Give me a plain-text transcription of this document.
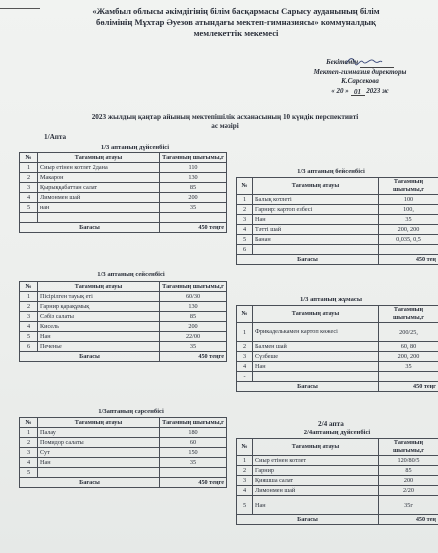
«Жамбыл облысы әкімдігінің білім басқармасы Сарысу ауданының білім
бөлімінің Мұхтар Әуезов атындағы мектеп-гимназиясы» коммуналдық
мемлекеттік мекемесі
Бекітемін
Мектеп-гимназия директоры
К.Сарсекова
« 20 » 01 2023 ж
2023 жылдың қаңтар айының мектепішілік асханасының 10 күндік перспективті
ас мәзірі
1/Апта
2/4 апта
1/3 аптаның дүйсенбісі
№	Тағамның атауы	Тағамның шығымы,г
1	Сиыр етінен котлет 2дана	110
2	Макарон	130
3	Қырыққабаттан салат	85
4	Лимонмен шай	200
5	нан	35

Бағасы		450 теңге
1/3 аптаның бейсенбісі
№	Тағамның атауы	Тағамның шығымы,г
1	Балық котлеті	100
2	Гарнир: картоп езбесі	100,
3	Нан	35
4	Тәтті шай	200, 200
5	Банан	0,035, 0,5
6		
Бағасы		450 тең
1/3 аптаның сейсенбісі
№	Тағамның атауы	Тағамның шығымы,г
1	Пісірілген тауық еті	60/30
2	Гарнир қарақұмық	130
3	Сәбіз салаты	85
4	Кисель	200
5	Нан	22/00
6	Печенье	35
Бағасы		450 теңге
1/3 аптаның жұмасы
№	Тағамның атауы	Тағамның шығымы,г
1	Фрикаделькамен картоп көжесі	200/25,
2	Балмен шай	60, 80
3	Сүзбеше	200, 200
4	Нан	35
-		
Бағасы		450 теңг
1/3аптаның сәрсенбісі
№	Тағамның атауы	Тағамның шығымы,г
1	Палау	180
2	Помидор салаты	60
3	Сут	150
4	Нан	35
5		
Бағасы		450 теңге
2/4аптаның дүйсенбісі
№	Тағамның атауы	Тағамның шығымы,г
1	Сиыр етінен котлет	120/80/5
2	Гарнир	85
3	Қияшша салат	200
4	Лимонмен шай	2/20
5	Нан	35г
Бағасы		450 тең
